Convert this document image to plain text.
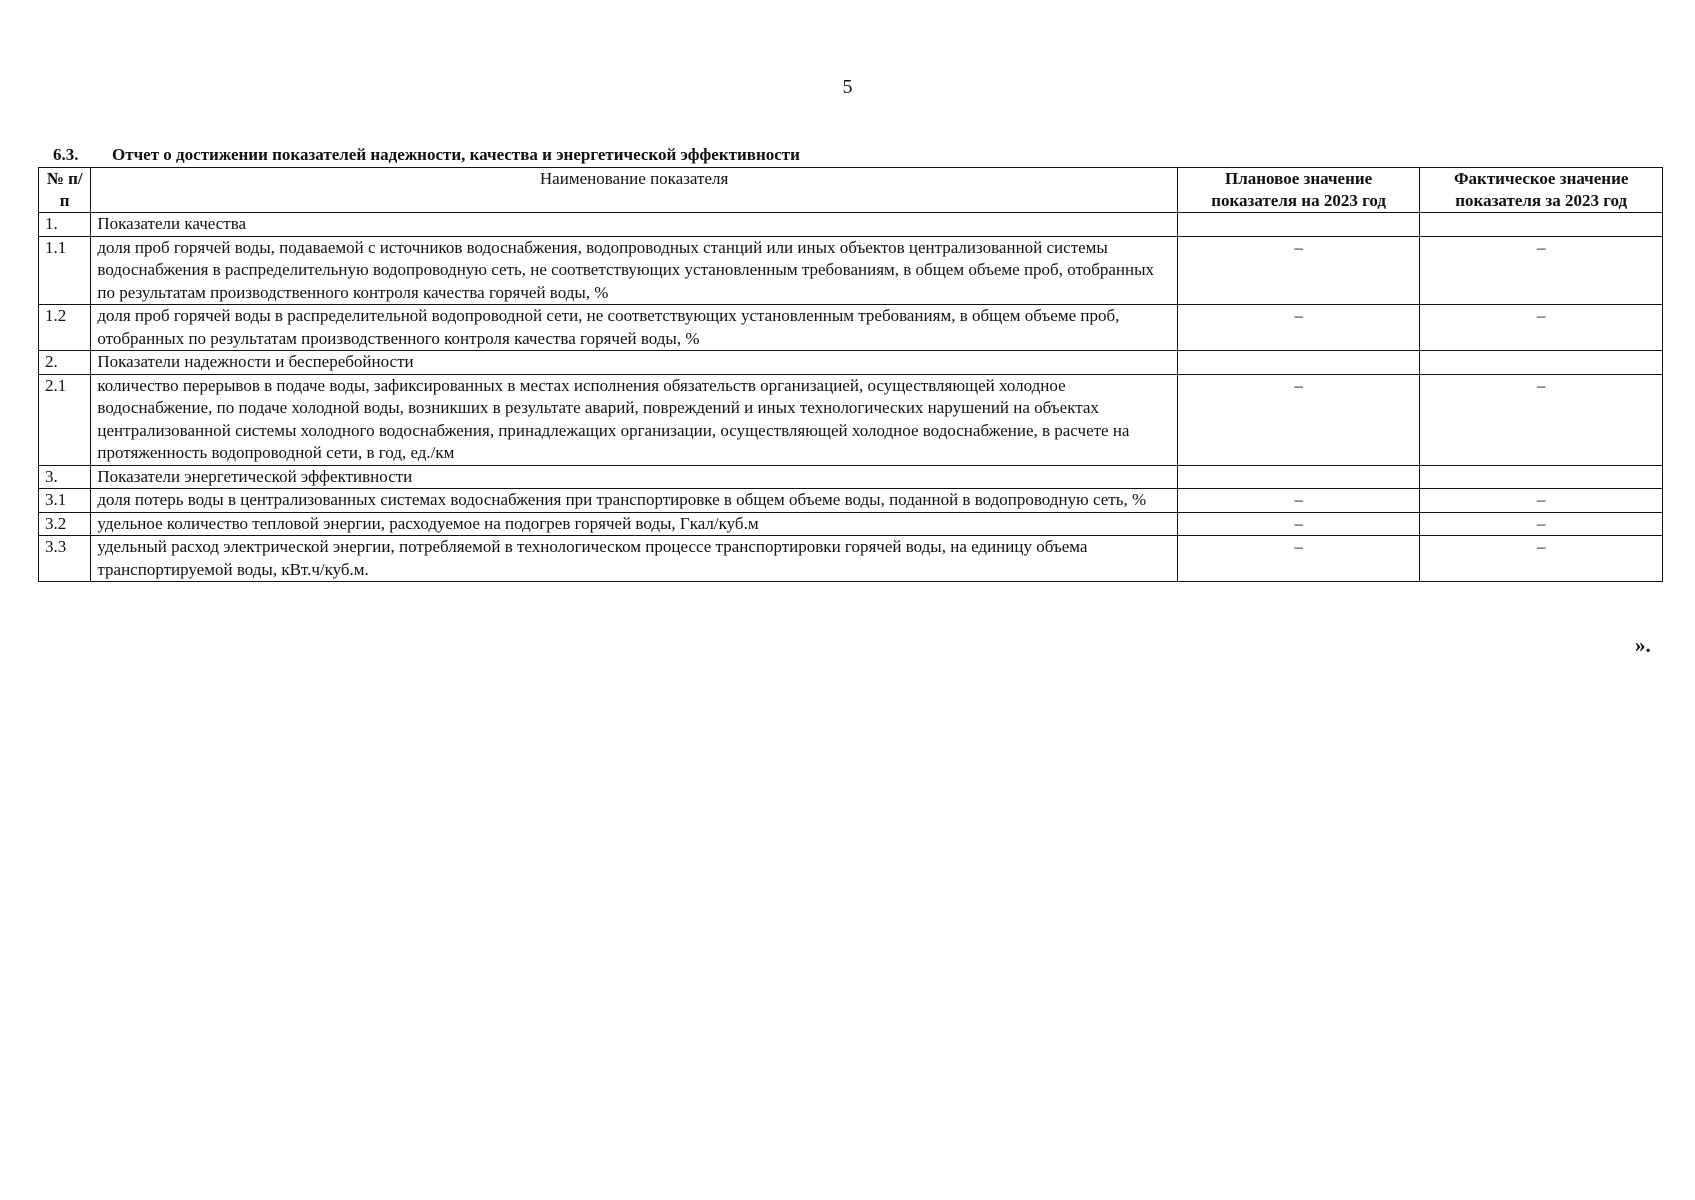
5
6.3. Отчет о достижении показателей надежности, качества и энергетической эффективности
№ п/п	Наименование показателя	Плановое значение показателя на 2023 год	Фактическое значение показателя за 2023 год
1.	Показатели качества		
1.1	доля проб горячей воды, подаваемой с источников водоснабжения, водопроводных станций или иных объектов централизованной системы водоснабжения в распределительную водопроводную сеть, не соответствующих установленным требованиям, в общем объеме проб, отобранных по результатам производственного контроля качества горячей воды, %	–	–
1.2	доля проб горячей воды в распределительной водопроводной сети, не соответствующих установленным требованиям, в общем объеме проб, отобранных по результатам производственного контроля качества горячей воды, %	–	–
2.	Показатели надежности и бесперебойности		
2.1	количество перерывов в подаче воды, зафиксированных в местах исполнения обязательств организацией, осуществляющей холодное водоснабжение, по подаче холодной воды, возникших в результате аварий, повреждений и иных технологических нарушений на объектах централизованной системы холодного водоснабжения, принадлежащих организации, осуществляющей холодное водоснабжение, в расчете на протяженность водопроводной сети, в год, ед./км	–	–
3.	Показатели энергетической эффективности		
3.1	доля потерь воды в централизованных системах водоснабжения при транспортировке в общем объеме воды, поданной в водопроводную сеть, %	–	–
3.2	удельное количество тепловой энергии, расходуемое на подогрев горячей воды, Гкал/куб.м	–	–
3.3	удельный расход электрической энергии, потребляемой в технологическом процессе транспортировки горячей воды, на единицу объема транспортируемой воды, кВт.ч/куб.м.	–	–
».
